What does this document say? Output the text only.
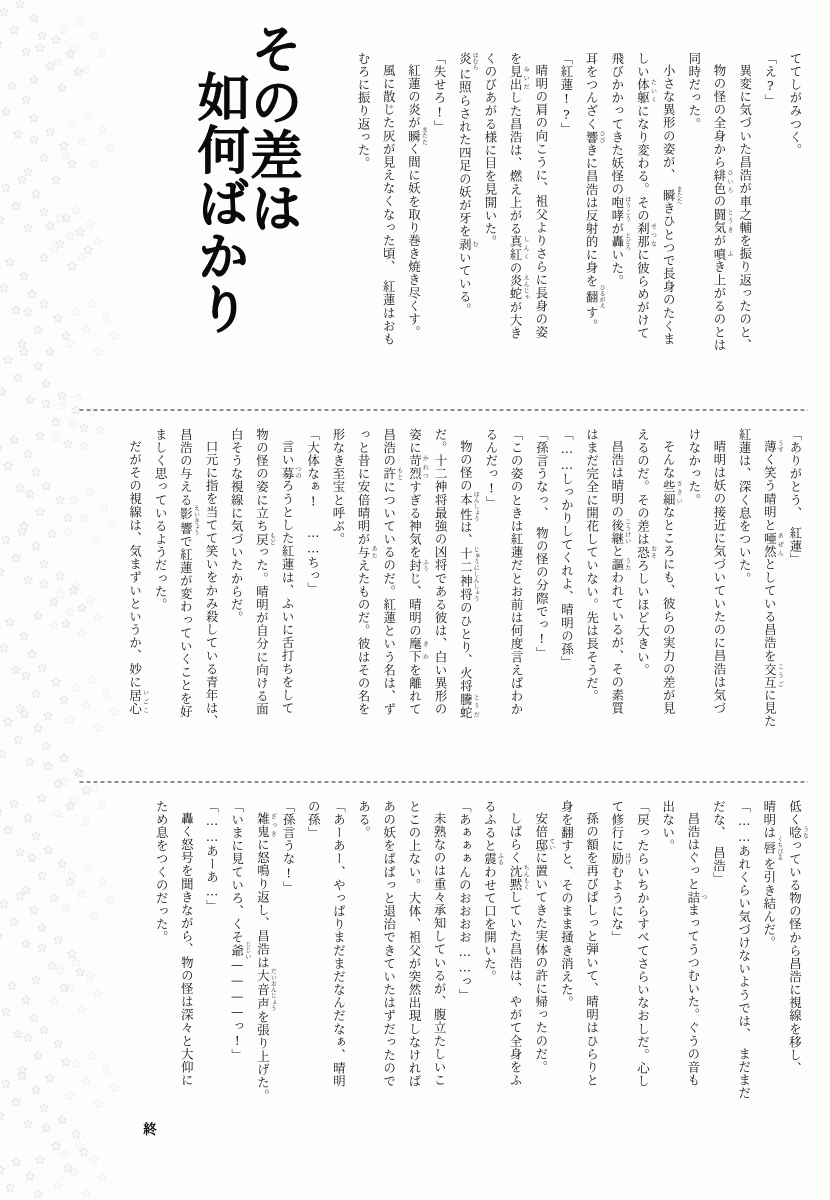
その差は
如何ばかり	ててしがみつく。
「え?」
異変に気づいた昌浩が車之輔を振り返ったのと、
物の怪の全身から緋色 ひいろの闘気 とうきが噴 ふき上がるのとは
同時だった。
小さな異形の姿が、　瞬 またたきひとつで長身のたくま
しい体躯 たいくになり変わる。その刹那 せつなに彼らめがけて
飛びかかってきた妖怪の咆哮 ほうこうが轟 とどろいた。
耳をつんざく響 ひびきに昌浩は反射的に身を翻 ひるがえす。
「紅蓮!?」
晴明の肩の向こうに、祖父よりさらに長身の姿
を見出 みいだした昌浩は、燃え上がる真紅 しんくの炎蛇 えんじゃが大き
くのびあがる様に目を見開いた。
炎 ほむらに照らされた四足の妖が牙を剥 むいている。
「失せろ!」
紅蓮の炎が瞬 またたく間に妖を取り巻き焼き尽くす。
風に散じた灰が見えなくなった頃、　紅蓮はおも
むろに振り返った。
「ありがとう、　紅蓮」
薄 うすく笑う晴明と唖然 あぜんとしている昌浩を交互 こうごに見た
紅蓮は、深く息をついた。
晴明は妖の接近に気づいていたのに昌浩は気づ
けなかった。
そんな些細 ささいなところにも、彼らの実力の差が見
えるのだ。その差は恐 おそろしいほど大きい。
昌浩は晴明の後継 こうけいと謳 うたわれているが、その素質
はまだ完全に開花していない。先は長そうだ。
「……しっかりしてくれよ、晴明の孫」
「孫言うなっ、　物の怪の分際でっ!」
「この姿のときは紅蓮だとお前は何度言えばわか
るんだっ!」
物の怪の本性 ほんしょうは、十二神将 じゅうにしんしょうのひとり、火将騰蛇 とうだ
だ。十二神将最強の凶将である彼は、白い異形の
姿に苛烈 かれつすぎる神気を封 ふうじ、晴明の麾下 きかを離れて
昌浩の許 もとについているのだ。紅蓮という名は、ず
っと昔に安倍晴明が与 あたえたものだ。彼はその名を
形なき至宝と呼ぶ。
「大体なぁ! ……ちっ」
言い募 つのろうとした紅蓮は、ふいに舌打ちをして
物の怪の姿に立ち戻 もどった。晴明が自分に向ける面
白そうな視線に気づいたからだ。
口元に指を当てて笑いをかみ殺している青年は、
昌浩の与える影響 えいきょうで紅蓮が変わっていくことを好
ましく思っているようだった。
だがその視線は、気まずいというか、妙に居心 いごこ
低く唸 うなっている物の怪から昌浩に視線を移し、
晴明は唇 くちびるを引き結んだ。
「……あれくらい気づけないようでは、　まだまだ
だな、　昌浩」
昌浩はぐっと詰 つまってうつむいた。ぐうの音も
出ない。
「戻ったらいちからすべてさらいなおしだ。心し
て修行に励 はげむようにな」
孫の額を再びぱしっと弾いて、晴明はひらりと
身を翻すと、そのまま掻き消えた。
安倍邸 ていに置いてきた実体の許に帰ったのだ。
しばらく沈黙 ちんもくしていた昌浩は、やがて全身をふ
るふると震 ふるわせて口を開いた。
「あぁぁぁんのおおおお……っ」
未熟なのは重々承知しているが、腹立たしいこ
とこの上ない。大体、祖父が突然出現しなければ
あの妖をぱぱっと退治できていたはずだったので
ある。
「あーあー、やっぱりまだまだなんだなぁ、晴明
の孫」
「孫言うな!」
雑鬼 ざっきに怒鳴り返し、昌浩は大音声 だいおんじょうを張り上げた。
「いまに見ていろ、くそ爺 じじい————っ!」
「……あーあ…」
轟く怒号を聞きながら、物の怪は深々と大仰に
ため息をつくのだった。
終
